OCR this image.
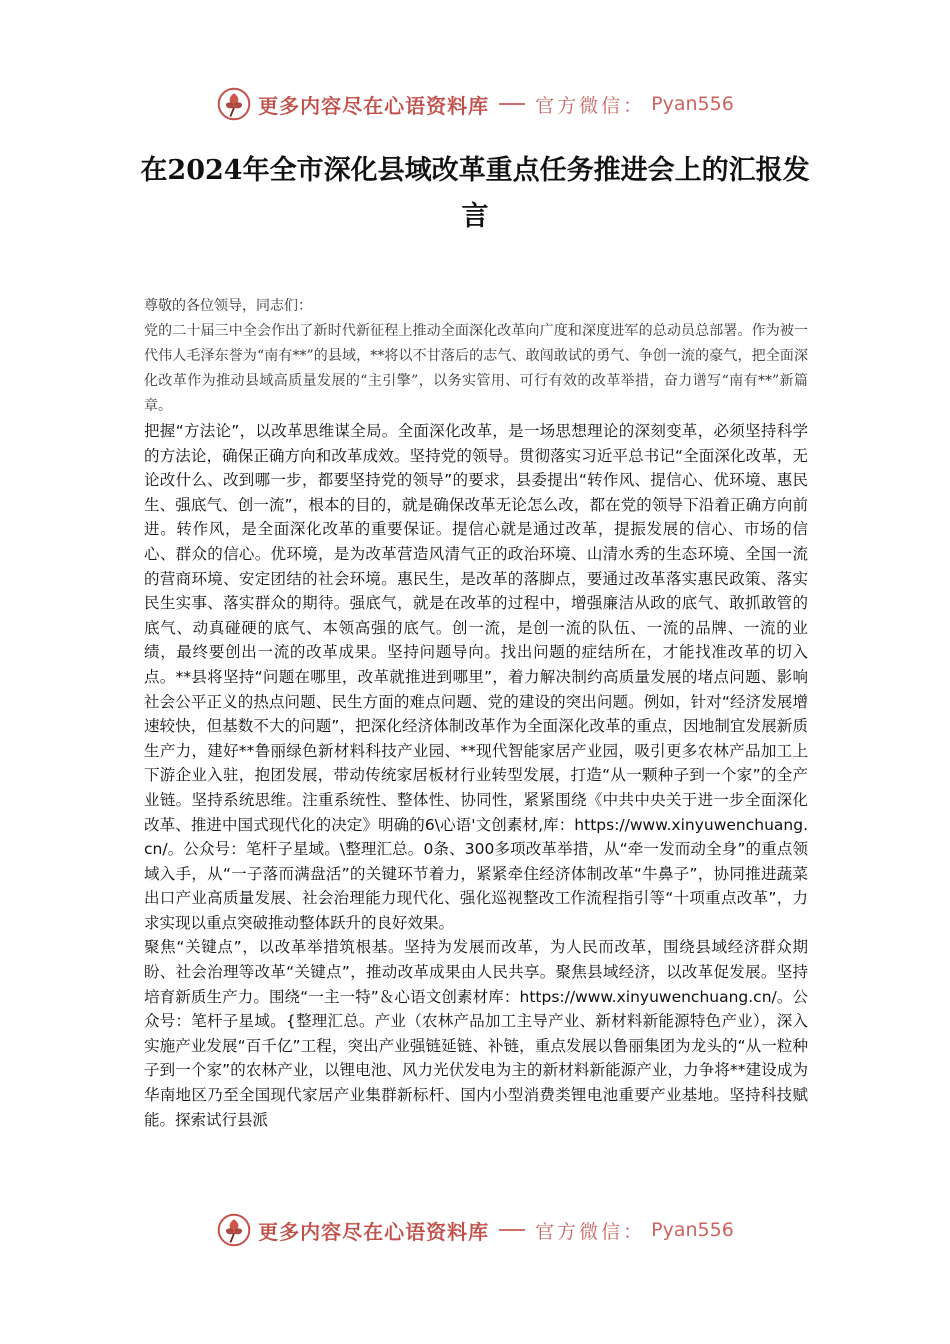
更多内容尽在心语资料库 官方微信： Pyan556
在2024年全市深化县域改革重点任务推进会上的汇报发言

尊敬的各位领导，同志们：

党的二十届三中全会作出了新时代新征程上推动全面深化改革向广度和深度进军的总动员总部署。作为被一代伟人毛泽东誉为“南有**”的县域，**将以不甘落后的志气、敢闯敢试的勇气、争创一流的豪气，把全面深化改革作为推动县域高质量发展的“主引擎”，以务实管用、可行有效的改革举措，奋力谱写“南有**”新篇章。

把握“方法论”，以改革思维谋全局。全面深化改革，是一场思想理论的深刻变革，必须坚持科学的方法论，确保正确方向和改革成效。坚持党的领导。贯彻落实习近平总书记“全面深化改革，无论改什么、改到哪一步，都要坚持党的领导”的要求，县委提出“转作风、提信心、优环境、惠民生、强底气、创一流”，根本的目的，就是确保改革无论怎么改，都在党的领导下沿着正确方向前进。转作风，是全面深化改革的重要保证。提信心就是通过改革，提振发展的信心、市场的信心、群众的信心。优环境，是为改革营造风清气正的政治环境、山清水秀的生态环境、全国一流的营商环境、安定团结的社会环境。惠民生，是改革的落脚点，要通过改革落实惠民政策、落实民生实事、落实群众的期待。强底气，就是在改革的过程中，增强廉洁从政的底气、敢抓敢管的底气、动真碰硬的底气、本领高强的底气。创一流，是创一流的队伍、一流的品牌、一流的业绩，最终要创出一流的改革成果。坚持问题导向。找出问题的症结所在，才能找准改革的切入点。**县将坚持“问题在哪里，改革就推进到哪里”，着力解决制约高质量发展的堵点问题、影响社会公平正义的热点问题、民生方面的难点问题、党的建设的突出问题。例如，针对“经济发展增速较快，但基数不大的问题”，把深化经济体制改革作为全面深化改革的重点，因地制宜发展新质生产力，建好**鲁丽绿色新材料科技产业园、**现代智能家居产业园，吸引更多农林产品加工上下游企业入驻，抱团发展，带动传统家居板材行业转型发展，打造“从一颗种子到一个家”的全产业链。坚持系统思维。注重系统性、整体性、协同性，紧紧围绕《中共中央关于进一步全面深化改革、推进中国式现代化的决定》明确的6\心语'文创素材,库：https://www.xinyuwenchuang.cn/。公众号：笔杆子星域。\整理汇总。0条、300多项改革举措，从“牵一发而动全身”的重点领域入手，从“一子落而满盘活”的关键环节着力，紧紧牵住经济体制改革“牛鼻子”，协同推进蔬菜出口产业高质量发展、社会治理能力现代化、强化巡视整改工作流程指引等“十项重点改革”，力求实现以重点突破推动整体跃升的良好效果。

聚焦“关键点”，以改革举措筑根基。坚持为发展而改革，为人民而改革，围绕县域经济群众期盼、社会治理等改革“关键点”，推动改革成果由人民共享。聚焦县域经济，以改革促发展。坚持培育新质生产力。围绕“一主一特”＆心语文创素材库：https://www.xinyuwenchuang.cn/。公众号：笔杆子星域。{整理汇总。产业（农林产品加工主导产业、新材料新能源特色产业），深入实施产业发展“百千亿”工程，突出产业强链延链、补链，重点发展以鲁丽集团为龙头的“从一粒种子到一个家”的农林产业，以锂电池、风力光伏发电为主的新材料新能源产业，力争将**建设成为华南地区乃至全国现代家居产业集群新标杆、国内小型消费类锂电池重要产业基地。坚持科技赋能。探索试行县派

更多内容尽在心语资料库 官方微信： Pyan556
